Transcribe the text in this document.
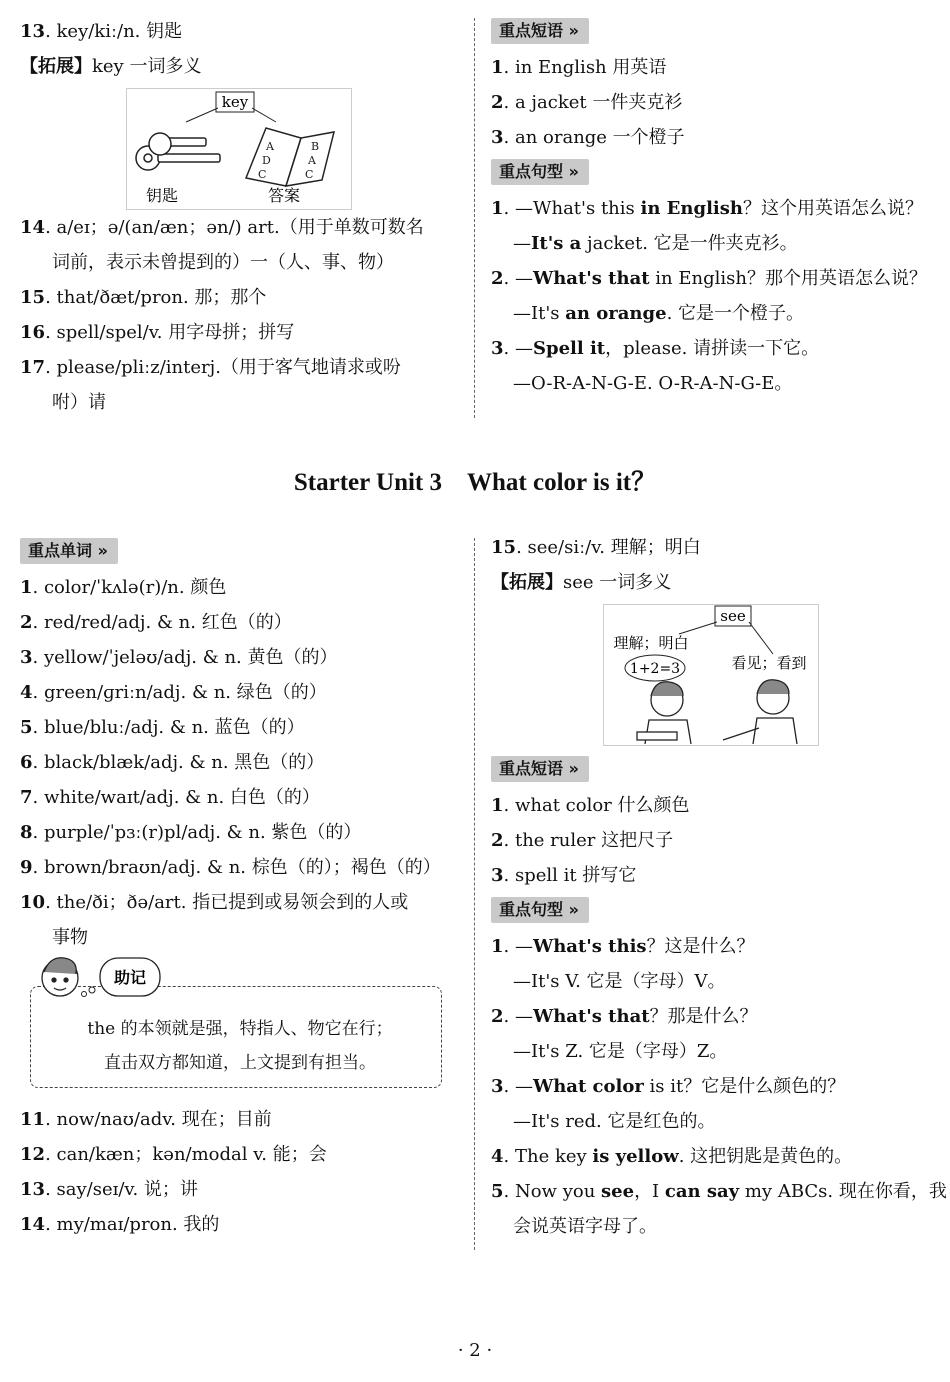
13. key/kiː/n. 钥匙
【拓展】key 一词多义
14. a/eɪ；ə/(an/æn；ən/) art.（用于单数可数名
词前，表示未曾提到的）一（人、事、物）
15. that/ðæt/pron. 那；那个
16. spell/spel/v. 用字母拼；拼写
17. please/pliːz/interj.（用于客气地请求或吩
咐）请
key
A
D
C
B
A
C
钥匙	答案
重点短语 »
1. in English 用英语
2. a jacket 一件夹克衫
3. an orange 一个橙子
重点句型 »
1. —What's this in English？这个用英语怎么说？
—It's a jacket. 它是一件夹克衫。
2. —What's that in English？那个用英语怎么说？
—It's an orange. 它是一个橙子。
3. —Spell it，please. 请拼读一下它。
—O-R-A-N-G-E. O-R-A-N-G-E。
Starter Unit 3　What color is it？
重点单词 »
1. color/ˈkʌlə(r)/n. 颜色
2. red/red/adj. & n. 红色（的）
3. yellow/ˈjeləʊ/adj. & n. 黄色（的）
4. green/ɡriːn/adj. & n. 绿色（的）
5. blue/bluː/adj. & n. 蓝色（的）
6. black/blæk/adj. & n. 黑色（的）
7. white/waɪt/adj. & n. 白色（的）
8. purple/ˈpɜː(r)pl/adj. & n. 紫色（的）
9. brown/braʊn/adj. & n. 棕色（的）；褐色（的）
10. the/ði；ðə/art. 指已提到或易领会到的人或
事物
助记
the 的本领就是强，特指人、物它在行；
直击双方都知道，上文提到有担当。
11. now/naʊ/adv. 现在；目前
12. can/kæn；kən/modal v. 能；会
13. say/seɪ/v. 说；讲
14. my/maɪ/pron. 我的
15. see/siː/v. 理解；明白
【拓展】see 一词多义
see
理解；明白
看见；看到
1+2=3
重点短语 »
1. what color 什么颜色
2. the ruler 这把尺子
3. spell it 拼写它
重点句型 »
1. —What's this？这是什么？
—It's V. 它是（字母）V。
2. —What's that？那是什么？
—It's Z. 它是（字母）Z。
3. —What color is it？它是什么颜色的？
—It's red. 它是红色的。
4. The key is yellow. 这把钥匙是黄色的。
5. Now you see，I can say my ABCs. 现在你看，我
会说英语字母了。
· 2 ·
